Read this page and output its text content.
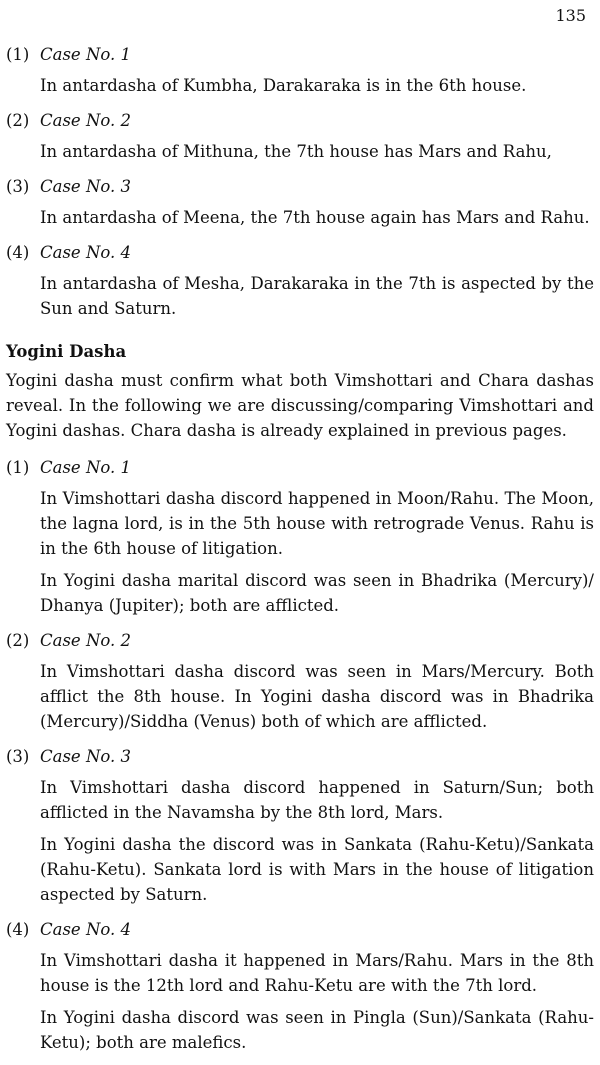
135
(1) Case No. 1

In antardasha of Kumbha, Darakaraka is in the 6th house.

(2) Case No. 2

In antardasha of Mithuna, the 7th house has Mars and Rahu,

(3) Case No. 3

In antardasha of Meena, the 7th house again has Mars and Rahu.

(4) Case No. 4

In antardasha of Mesha, Darakaraka in the 7th is aspected by the Sun and Saturn.

Yogini Dasha

Yogini dasha must confirm what both Vimshottari and Chara dashas reveal. In the following we are discussing/comparing Vimshottari and Yogini dashas. Chara dasha is already explained in previous pages.

(1) Case No. 1

In Vimshottari dasha discord happened in Moon/Rahu. The Moon, the lagna lord, is in the 5th house with retrograde Venus. Rahu is in the 6th house of litigation.

In Yogini dasha marital discord was seen in Bhadrika (Mercury)/ Dhanya (Jupiter); both are afflicted.

(2) Case No. 2

In Vimshottari dasha discord was seen in Mars/Mercury. Both afflict the 8th house. In Yogini dasha discord was in Bhadrika (Mercury)/Siddha (Venus) both of which are afflicted.

(3) Case No. 3

In Vimshottari dasha discord happened in Saturn/Sun; both afflicted in the Navamsha by the 8th lord, Mars.

In Yogini dasha the discord was in Sankata (Rahu-Ketu)/Sankata (Rahu-Ketu). Sankata lord is with Mars in the house of litigation aspected by Saturn.

(4) Case No. 4

In Vimshottari dasha it happened in Mars/Rahu. Mars in the 8th house is the 12th lord and Rahu-Ketu are with the 7th lord.

In Yogini dasha discord was seen in Pingla (Sun)/Sankata (Rahu-Ketu); both are malefics.
